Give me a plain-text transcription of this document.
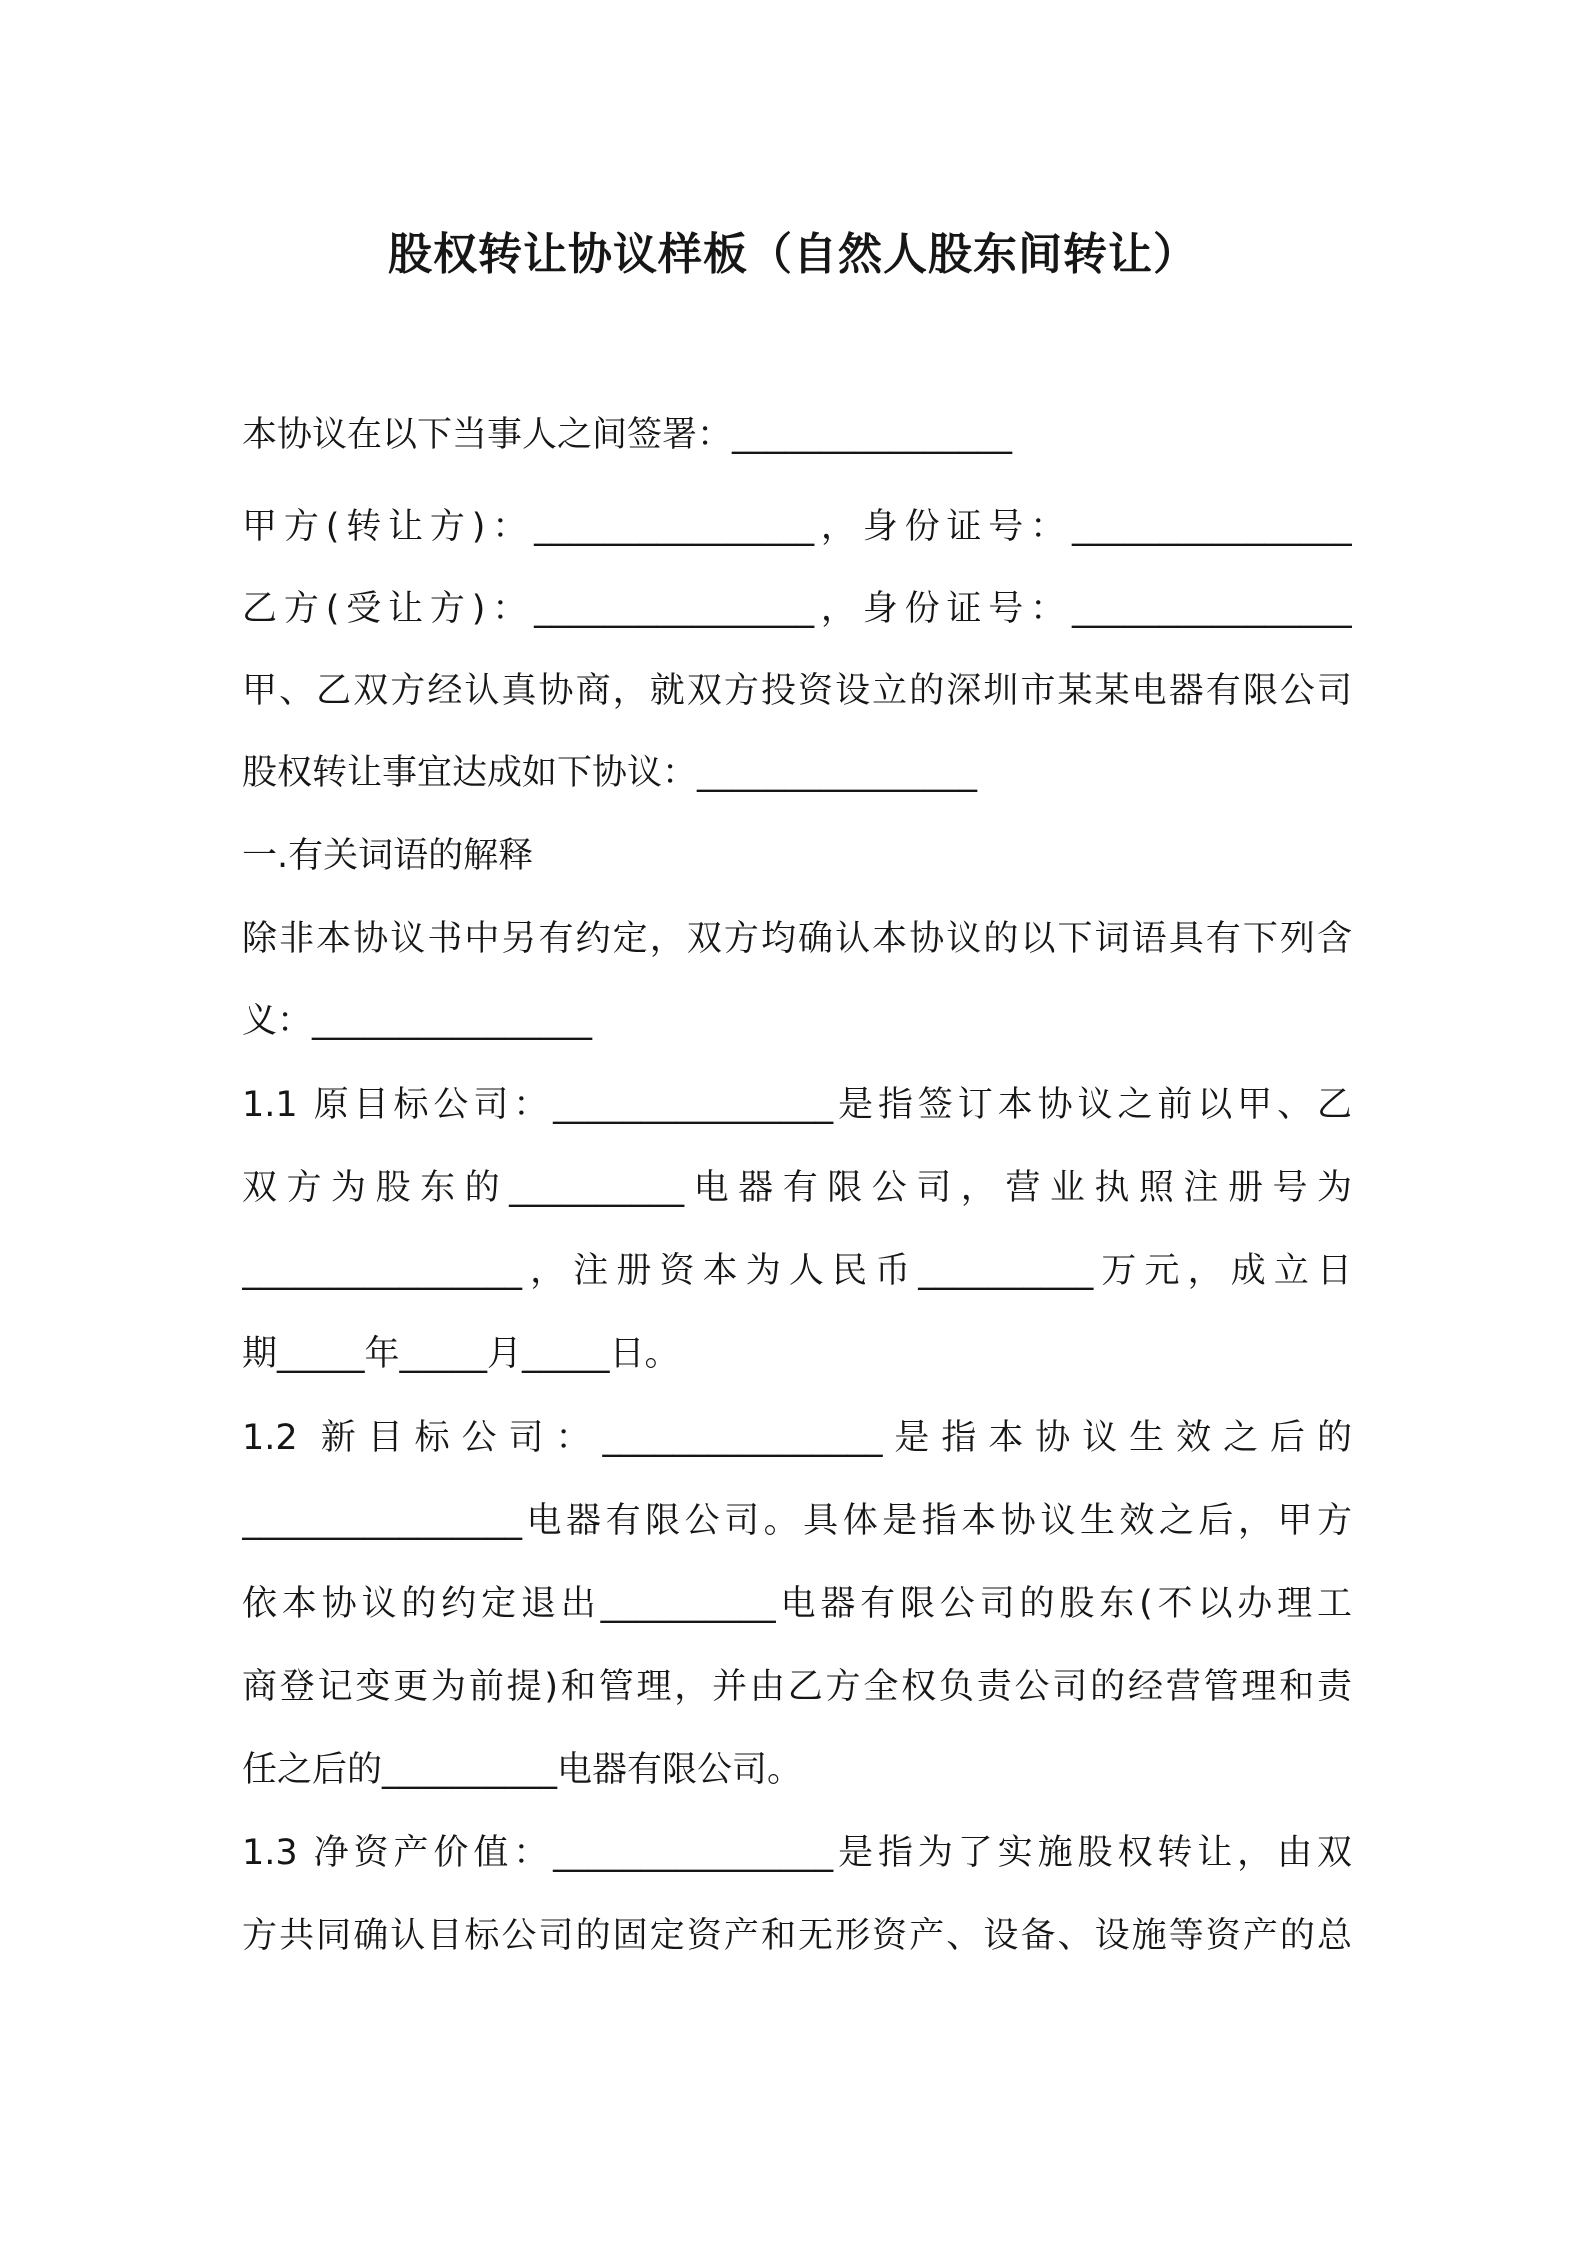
股权转让协议样板（自然人股东间转让）
本协议在以下当事人之间签署：________________
甲方(转让方)：________________，身份证号：________________
乙方(受让方)：________________，身份证号：________________
甲、乙双方经认真协商，就双方投资设立的深圳市某某电器有限公司
股权转让事宜达成如下协议：________________
一.有关词语的解释
除非本协议书中另有约定，双方均确认本协议的以下词语具有下列含
义：________________
1.1 原目标公司：________________是指签订本协议之前以甲、乙
双方为股东的__________电器有限公司，营业执照注册号为
________________，注册资本为人民币__________万元，成立日
期_____年_____月_____日。
1.2 新目标公司：________________是指本协议生效之后的
________________电器有限公司。具体是指本协议生效之后，甲方
依本协议的约定退出__________电器有限公司的股东(不以办理工
商登记变更为前提)和管理，并由乙方全权负责公司的经营管理和责
任之后的__________电器有限公司。
1.3 净资产价值：________________是指为了实施股权转让，由双
方共同确认目标公司的固定资产和无形资产、设备、设施等资产的总
